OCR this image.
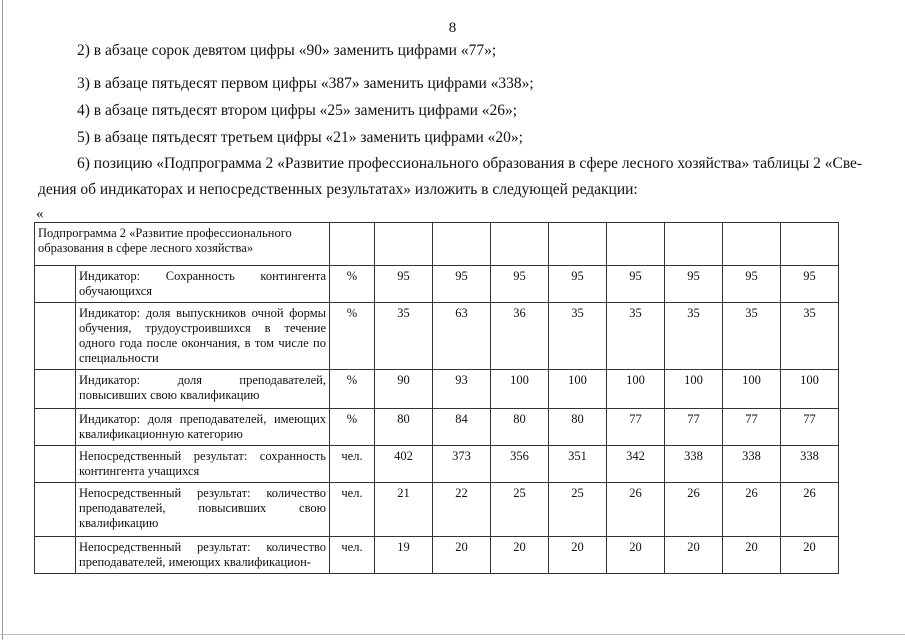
8
2) в абзаце сорок девятом цифры «90» заменить цифрами «77»;
3) в абзаце пятьдесят первом цифры «387» заменить цифрами «338»;
4) в абзаце пятьдесят втором цифры «25» заменить цифрами «26»;
5) в абзаце пятьдесят третьем цифры «21» заменить цифрами «20»;
6) позицию «Подпрограмма 2 «Развитие профессионального образования в сфере лесного хозяйства» таблицы 2 «Све-
дения об индикаторах и непосредственных результатах» изложить в следующей редакции:
«
Подпрограмма 2 «Развитие профессионального образования в сфере лесного хозяйства»										
	Индикатор: Сохранность контингента обучающихся	%	95	95	95	95	95	95	95	95
	Индикатор: доля выпускников очной формы обучения, трудоустроившихся в течение одного года после окончания, в том числе по специальности	%	35	63	36	35	35	35	35	35
	Индикатор: доля преподавателей, повысивших свою квалификацию	%	90	93	100	100	100	100	100	100
	Индикатор: доля преподавателей, имеющих квалификационную категорию	%	80	84	80	80	77	77	77	77
	Непосредственный результат: сохранность контингента учащихся	чел.	402	373	356	351	342	338	338	338
	Непосредственный результат: количество преподавателей, повысивших свою квалификацию	чел.	21	22	25	25	26	26	26	26
	Непосредственный результат: количество преподавателей, имеющих квалификацион-	чел.	19	20	20	20	20	20	20	20
